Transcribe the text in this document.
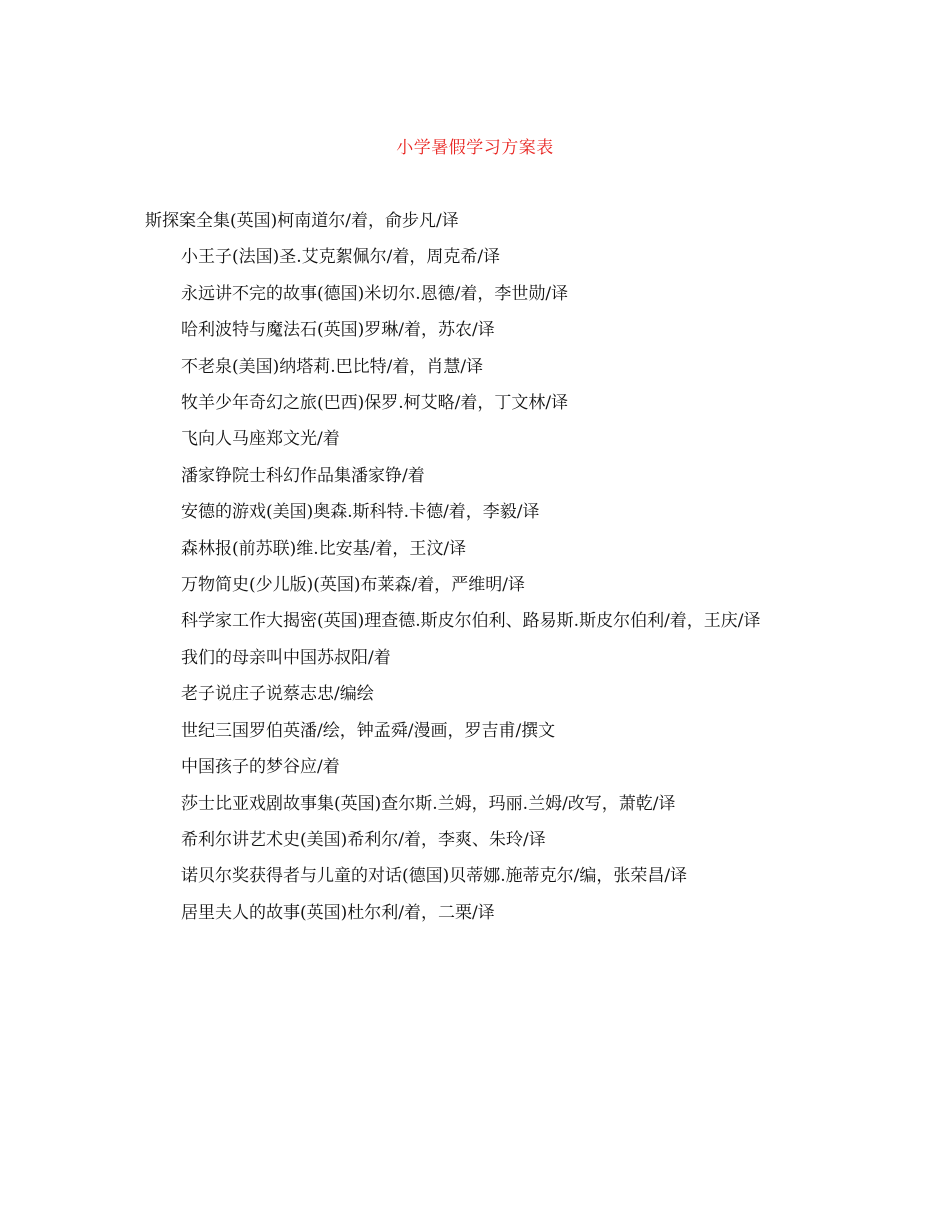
小学暑假学习方案表

斯探案全集(英国)柯南道尔/着，俞步凡/译

小王子(法国)圣.艾克絮佩尔/着，周克希/译

永远讲不完的故事(德国)米切尔.恩德/着，李世勋/译

哈利波特与魔法石(英国)罗琳/着，苏农/译

不老泉(美国)纳塔莉.巴比特/着，肖慧/译

牧羊少年奇幻之旅(巴西)保罗.柯艾略/着，丁文林/译

飞向人马座郑文光/着

潘家铮院士科幻作品集潘家铮/着

安德的游戏(美国)奥森.斯科特.卡德/着，李毅/译

森林报(前苏联)维.比安基/着，王汶/译

万物简史(少儿版)(英国)布莱森/着，严维明/译

科学家工作大揭密(英国)理查德.斯皮尔伯利、路易斯.斯皮尔伯利/着，王庆/译

我们的母亲叫中国苏叔阳/着

老子说庄子说蔡志忠/编绘

世纪三国罗伯英潘/绘，钟孟舜/漫画，罗吉甫/撰文

中国孩子的梦谷应/着

莎士比亚戏剧故事集(英国)查尔斯.兰姆，玛丽.兰姆/改写，萧乾/译

希利尔讲艺术史(美国)希利尔/着，李爽、朱玲/译

诺贝尔奖获得者与儿童的对话(德国)贝蒂娜.施蒂克尔/编，张荣昌/译

居里夫人的故事(英国)杜尔利/着，二栗/译
